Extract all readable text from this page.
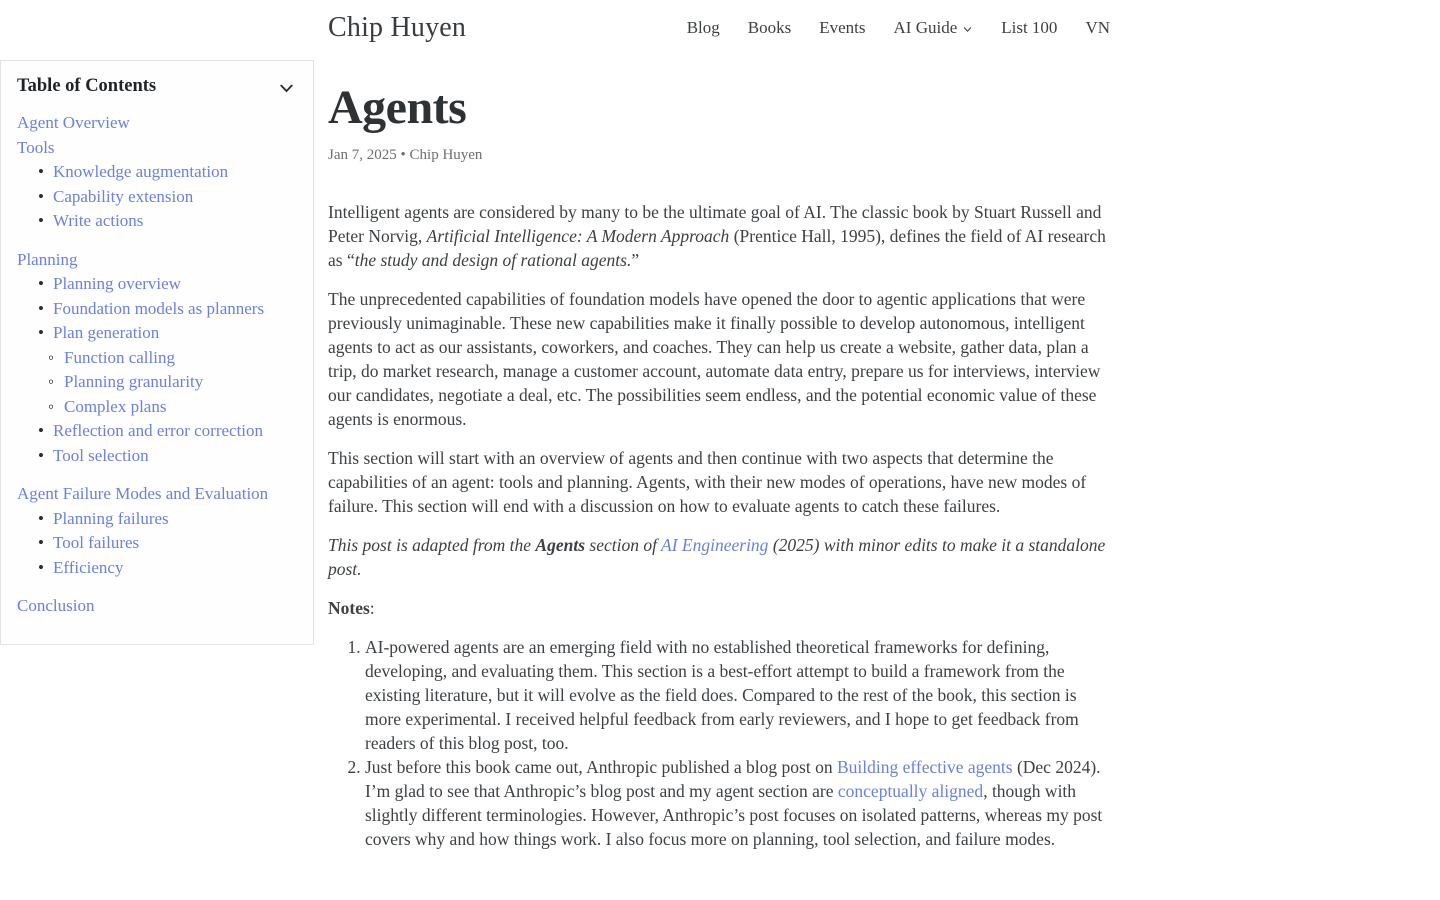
Chip Huyen	Blog Books Events AI Guide	List 100 VN
Table of Contents
Agent Overview
Tools
• Knowledge augmentation
• Capability extension
• Write actions
Planning
• Planning overview
• Foundation models as planners
• Plan generation
◦ Function calling
◦ Planning granularity
◦ Complex plans
• Reflection and error correction
• Tool selection
Agent Failure Modes and Evaluation
• Planning failures
• Tool failures
• Efficiency
Conclusion
Agents
Jan 7, 2025 • Chip Huyen

Intelligent agents are considered by many to be the ultimate goal of AI. The classic book by Stuart Russell and Peter Norvig, Artificial Intelligence: A Modern Approach (Prentice Hall, 1995), defines the field of AI research as “the study and design of rational agents.”

The unprecedented capabilities of foundation models have opened the door to agentic applications that were previously unimaginable. These new capabilities make it finally possible to develop autonomous, intelligent agents to act as our assistants, coworkers, and coaches. They can help us create a website, gather data, plan a trip, do market research, manage a customer account, automate data entry, prepare us for interviews, interview our candidates, negotiate a deal, etc. The possibilities seem endless, and the potential economic value of these agents is enormous.

This section will start with an overview of agents and then continue with two aspects that determine the capabilities of an agent: tools and planning. Agents, with their new modes of operations, have new modes of failure. This section will end with a discussion on how to evaluate agents to catch these failures.

This post is adapted from the Agents section of AI Engineering (2025) with minor edits to make it a standalone post.

Notes:

1. AI-powered agents are an emerging field with no established theoretical frameworks for defining, developing, and evaluating them. This section is a best-effort attempt to build a framework from the existing literature, but it will evolve as the field does. Compared to the rest of the book, this section is more experimental. I received helpful feedback from early reviewers, and I hope to get feedback from readers of this blog post, too.
2. Just before this book came out, Anthropic published a blog post on Building effective agents (Dec 2024). I’m glad to see that Anthropic’s blog post and my agent section are conceptually aligned, though with slightly different terminologies. However, Anthropic’s post focuses on isolated patterns, whereas my post covers why and how things work. I also focus more on planning, tool selection, and failure modes.
